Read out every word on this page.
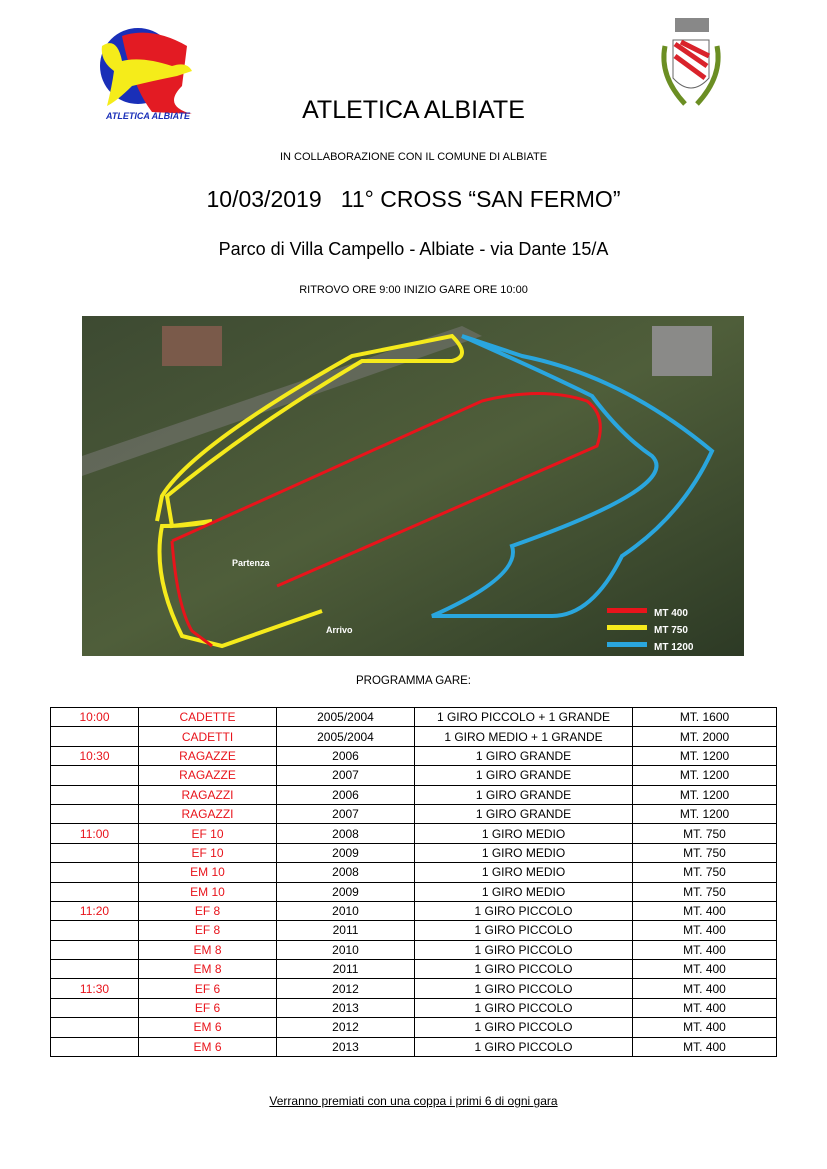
ATLETICA ALBIATE	ATLETICA ALBIATE
IN COLLABORAZIONE CON IL COMUNE DI ALBIATE
10/03/2019   11° CROSS “SAN FERMO”
Parco di Villa Campello - Albiate - via Dante 15/A
RITROVO ORE 9:00 INIZIO GARE ORE 10:00
Partenza
Arrivo
MT 400
MT 750
MT 1200
PROGRAMMA GARE:
10:00	CADETTE	2005/2004	1 GIRO PICCOLO + 1 GRANDE	MT. 1600
	CADETTI	2005/2004	1 GIRO MEDIO + 1 GRANDE	MT. 2000
10:30	RAGAZZE	2006	1 GIRO GRANDE	MT. 1200
	RAGAZZE	2007	1 GIRO GRANDE	MT. 1200
	RAGAZZI	2006	1 GIRO GRANDE	MT. 1200
	RAGAZZI	2007	1 GIRO GRANDE	MT. 1200
11:00	EF 10	2008	1 GIRO MEDIO	MT. 750
	EF 10	2009	1 GIRO MEDIO	MT. 750
	EM 10	2008	1 GIRO MEDIO	MT. 750
	EM 10	2009	1 GIRO MEDIO	MT. 750
11:20	EF 8	2010	1 GIRO PICCOLO	MT. 400
	EF 8	2011	1 GIRO PICCOLO	MT. 400
	EM 8	2010	1 GIRO PICCOLO	MT. 400
	EM 8	2011	1 GIRO PICCOLO	MT. 400
11:30	EF 6	2012	1 GIRO PICCOLO	MT. 400
	EF 6	2013	1 GIRO PICCOLO	MT. 400
	EM 6	2012	1 GIRO PICCOLO	MT. 400
	EM 6	2013	1 GIRO PICCOLO	MT. 400
Verranno premiati con una coppa i primi 6 di ogni gara
